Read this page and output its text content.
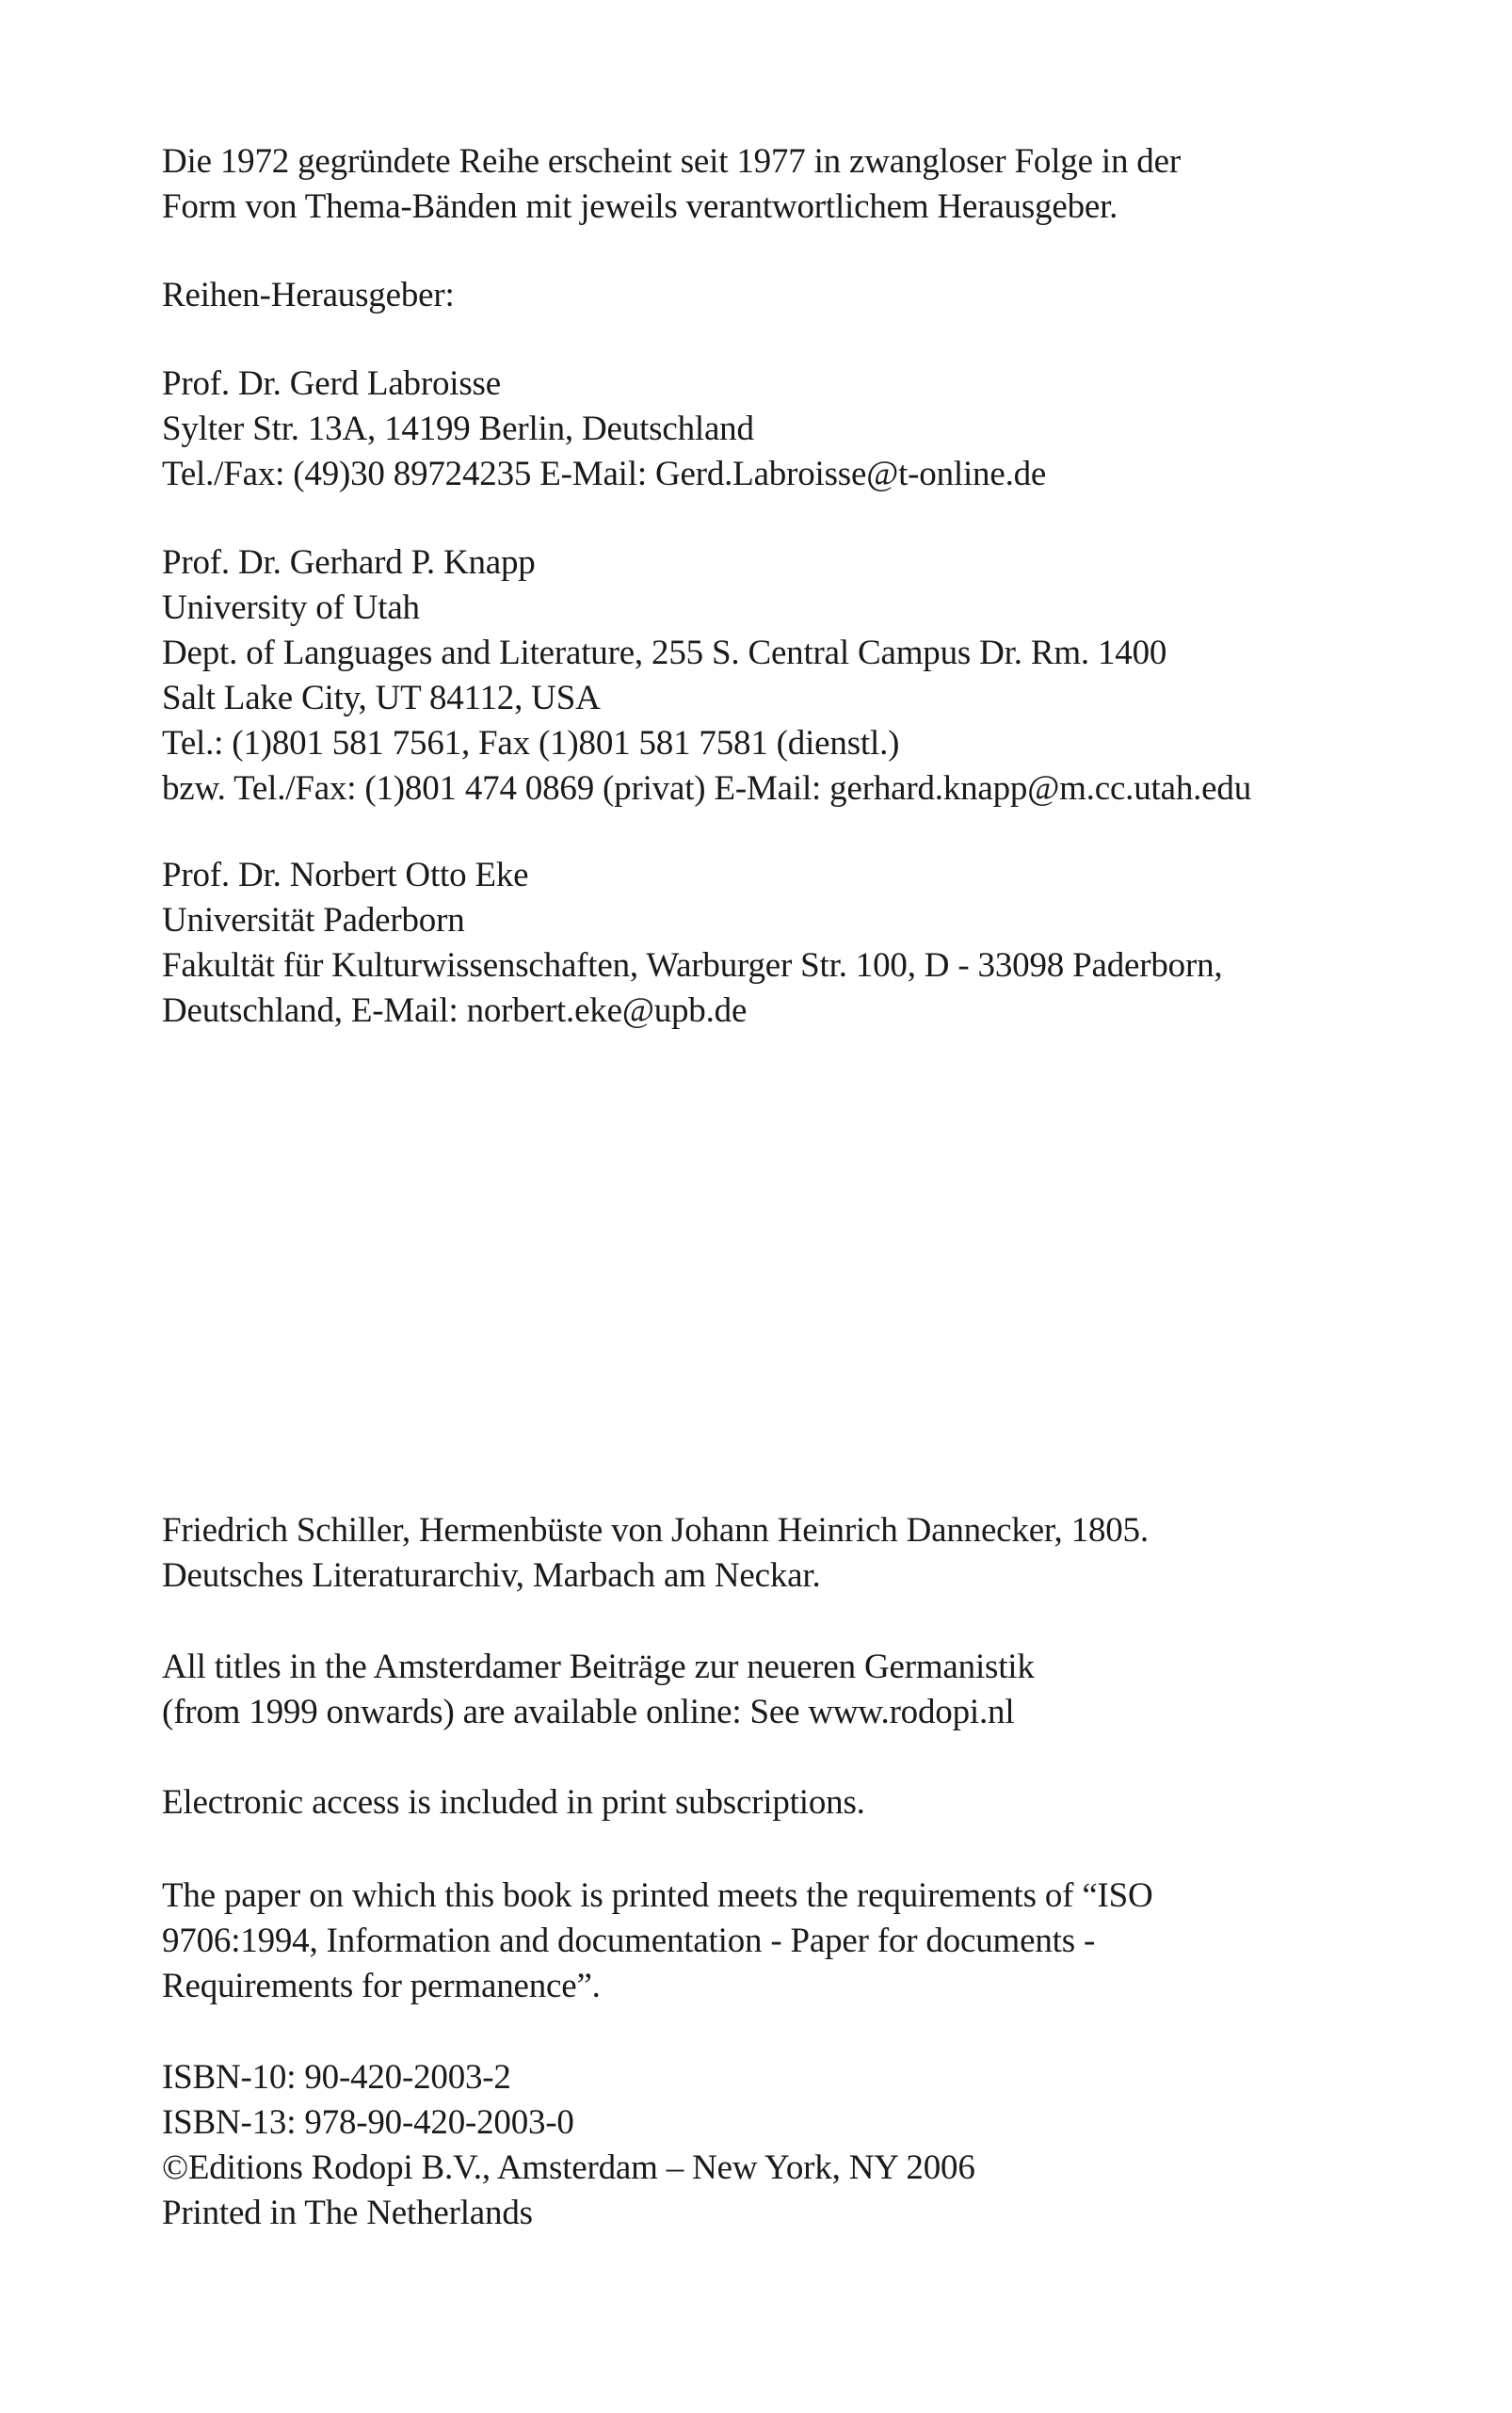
Die 1972 gegründete Reihe erscheint seit 1977 in zwangloser Folge in der
Form von Thema-Bänden mit jeweils verantwortlichem Herausgeber.
Reihen-Herausgeber:
Prof. Dr. Gerd Labroisse
Sylter Str. 13A, 14199 Berlin, Deutschland
Tel./Fax: (49)30 89724235 E-Mail: Gerd.Labroisse@t-online.de
Prof. Dr. Gerhard P. Knapp
University of Utah
Dept. of Languages and Literature, 255 S. Central Campus Dr. Rm. 1400
Salt Lake City, UT 84112, USA
Tel.: (1)801 581 7561, Fax (1)801 581 7581 (dienstl.)
bzw. Tel./Fax: (1)801 474 0869 (privat) E-Mail: gerhard.knapp@m.cc.utah.edu
Prof. Dr. Norbert Otto Eke
Universität Paderborn
Fakultät für Kulturwissenschaften, Warburger Str. 100, D - 33098 Paderborn,
Deutschland, E-Mail: norbert.eke@upb.de
Friedrich Schiller, Hermenbüste von Johann Heinrich Dannecker, 1805.
Deutsches Literaturarchiv, Marbach am Neckar.
All titles in the Amsterdamer Beiträge zur neueren Germanistik
(from 1999 onwards) are available online: See www.rodopi.nl
Electronic access is included in print subscriptions.
The paper on which this book is printed meets the requirements of “ISO
9706:1994, Information and documentation - Paper for documents -
Requirements for permanence”.
ISBN-10: 90-420-2003-2
ISBN-13: 978-90-420-2003-0
©Editions Rodopi B.V., Amsterdam – New York, NY 2006
Printed in The Netherlands
